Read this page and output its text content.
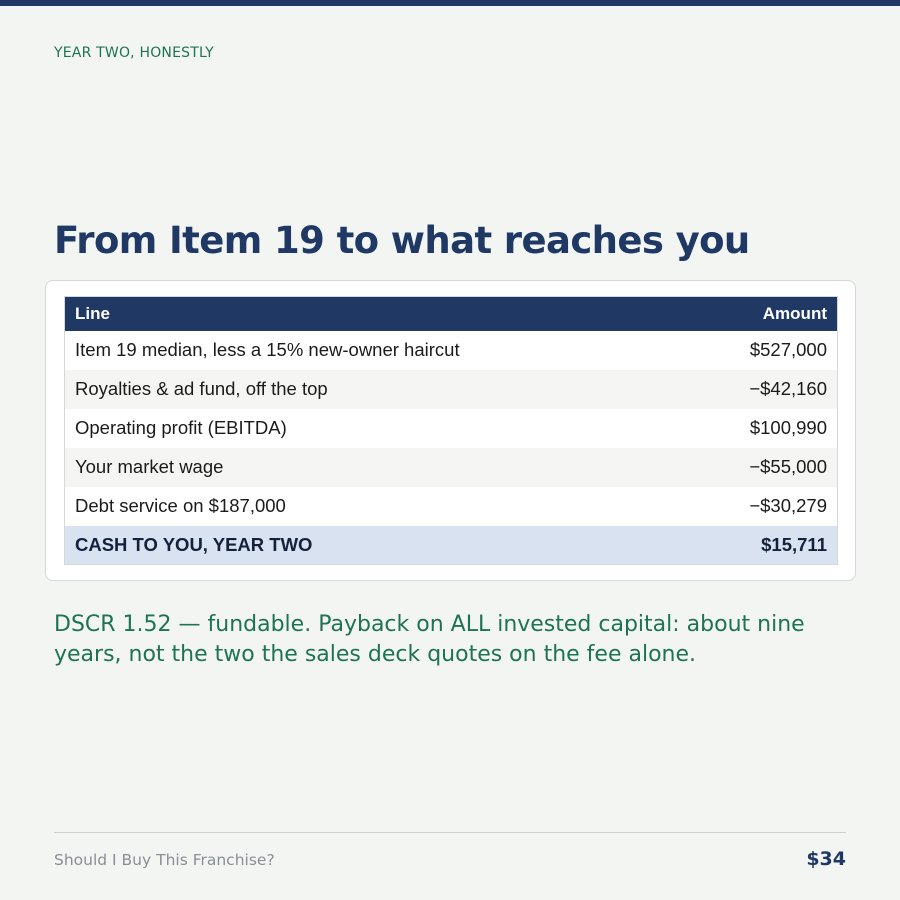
YEAR TWO, HONESTLY
From Item 19 to what reaches you
Line	Amount
Item 19 median, less a 15% new-owner haircut	$527,000
Royalties & ad fund, off the top	−$42,160
Operating profit (EBITDA)	$100,990
Your market wage	−$55,000
Debt service on $187,000	−$30,279
CASH TO YOU, YEAR TWO	$15,711

DSCR 1.52 — fundable. Payback on ALL invested capital: about nine years, not the two the sales deck quotes on the fee alone.

Should I Buy This Franchise?	$34
